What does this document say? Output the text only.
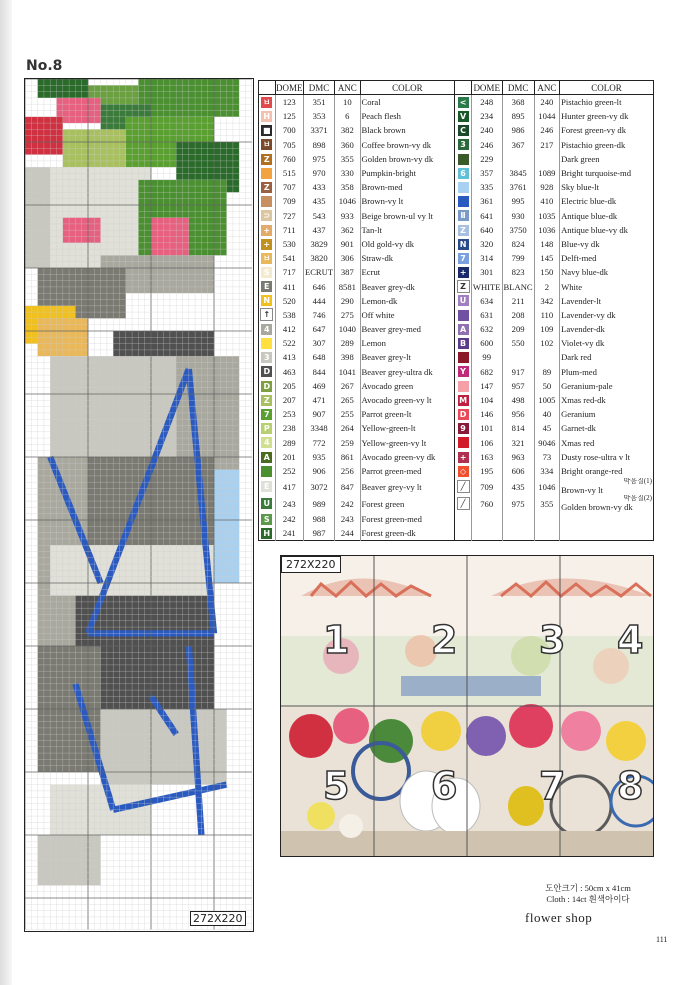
No.8
272X220
	DOME	DMC	ANC	COLOR		DOME	DMC	ANC	COLOR
ㅂ	123	351	10	Coral	<	248	368	240	Pistachio green-lt
H	125	353	6	Peach flesh	V	234	895	1044	Hunter green-vy dk
■	700	3371	382	Black brown	C	240	986	246	Forest green-vy dk
ㅂ	705	898	360	Coffee brown-vy dk	3	246	367	217	Pistachio green-dk
Z	760	975	355	Golden brown-vy dk		229			Dark green
	515	970	330	Pumpkin-bright	6	357	3845	1089	Bright turquoise-md
Z	707	433	358	Brown-med		335	3761	928	Sky blue-lt
	709	435	1046	Brown-vy lt		361	995	410	Electric blue-dk
⊃	727	543	933	Beige brown-ul vy lt	Ⅱ	641	930	1035	Antique blue-dk
+	711	437	362	Tan-lt	Z	640	3750	1036	Antique blue-vy dk
+	530	3829	901	Old gold-vy dk	N	320	824	148	Blue-vy dk
ㅂ	541	3820	306	Straw-dk	7	314	799	145	Delft-med
S	717	ECRUT	387	Ecrut	+	301	823	150	Navy blue-dk
E	411	646	8581	Beaver grey-dk	Z	WHITE	BLANC	2	White
N	520	444	290	Lemon-dk	U	634	211	342	Lavender-lt
↑	538	746	275	Off white		631	208	110	Lavender-vy dk
4	412	647	1040	Beaver grey-med	A	632	209	109	Lavender-dk
	522	307	289	Lemon	B	600	550	102	Violet-vy dk
3	413	648	398	Beaver grey-lt		99			Dark red
D	463	844	1041	Beaver grey-ultra dk	Y	682	917	89	Plum-med
D	205	469	267	Avocado green		147	957	50	Geranium-pale
Z	207	471	265	Avocado green-vy lt	M	104	498	1005	Xmas red-dk
7	253	907	255	Parrot green-lt	D	146	956	40	Geranium
P	238	3348	264	Yellow-green-lt	9	101	814	45	Garnet-dk
4	289	772	259	Yellow-green-vy lt		106	321	9046	Xmas red
A	201	935	861	Avocado green-vy dk	+	163	963	73	Dusty rose-ultra v lt
	252	906	256	Parrot green-med	◇	195	606	334	Bright orange-red
E	417	3072	847	Beaver grey-vy lt	╱	709	435	1046	박음질(1)
Brown-vy lt
U	243	989	242	Forest green	╱	760	975	355	박음질(2)
Golden brown-vy dk
S	242	988	243	Forest green-med					
H	241	987	244	Forest green-dk					
272X220
1 2 3 4
5 6 7 8
도안크기 : 50cm x 41cm
Cloth : 14ct 흰색아이다
flower shop
111
